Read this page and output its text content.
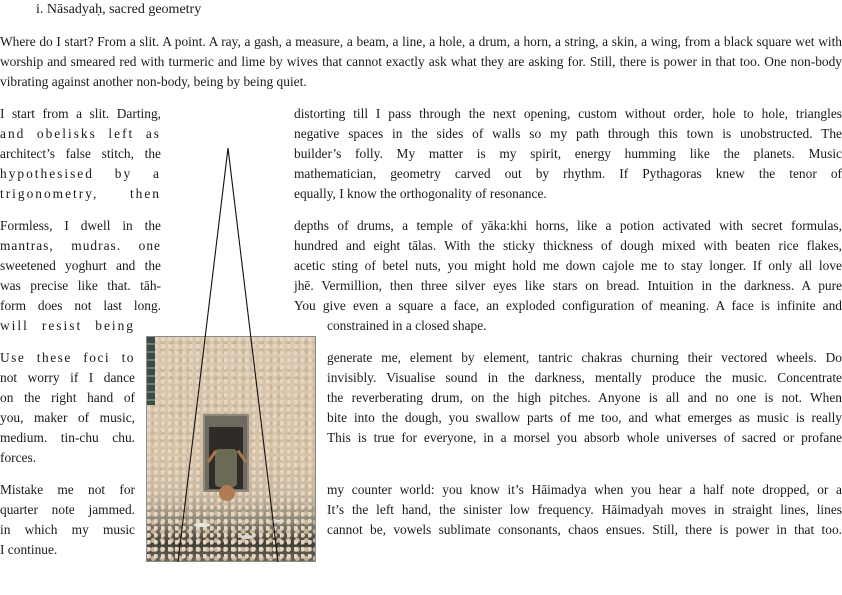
i. Nāsadyaḥ, sacred geometry
Where do I start? From a slit. A point. A ray, a gash, a measure, a beam, a line, a hole, a drum, a horn, a string, a skin, a wing, from a black square wet with worship and smeared red with turmeric and lime by wives that cannot exactly ask what they are asking for. Still, there is power in that too. One non-body vibrating against another non-body, being by being quiet.
I start from a slit. Darting,
and obelisks left as
architect’s false stitch, the
hypothesised by a
trigonometry, then
Formless, I dwell in the
mantras, mudras. one
sweetened yoghurt and the
was precise like that. tāh-
form does not last long.
will resist being
Use these foci to
not worry if I dance
on the right hand of
you, maker of music,
medium. tin-chu chu.
forces.
Mistake me not for
quarter note jammed.
in which my music
I continue.
distorting till I pass through the next opening, custom without order, hole to hole, triangles
negative spaces in the sides of walls so my path through this town is unobstructed. The
builder’s folly. My matter is my spirit, energy humming like the planets. Music
mathematician, geometry carved out by rhythm. If Pythagoras knew the tenor of
equally, I know the orthogonality of resonance.
depths of drums, a temple of yāka:khi horns, like a potion activated with secret formulas,
hundred and eight tālas. With the sticky thickness of dough mixed with beaten rice flakes,
acetic sting of betel nuts, you might hold me down cajole me to stay longer. If only all love
jhē. Vermillion, then three silver eyes like stars on bread. Intuition in the darkness. A pure
You give even a square a face, an exploded configuration of meaning. A face is infinite and
constrained in a closed shape.
generate me, element by element, tantric chakras churning their vectored wheels. Do
invisibly. Visualise sound in the darkness, mentally produce the music. Concentrate
the reverberating drum, on the high pitches. Anyone is all and no one is not. When
bite into the dough, you swallow parts of me too, and what emerges as music is really
This is true for everyone, in a morsel you absorb whole universes of sacred or profane
my counter world: you know it’s Hāimadya when you hear a half note dropped, or a
It’s the left hand, the sinister low frequency. Hāimadyah moves in straight lines, lines
cannot be, vowels sublimate consonants, chaos ensues. Still, there is power in that too.
